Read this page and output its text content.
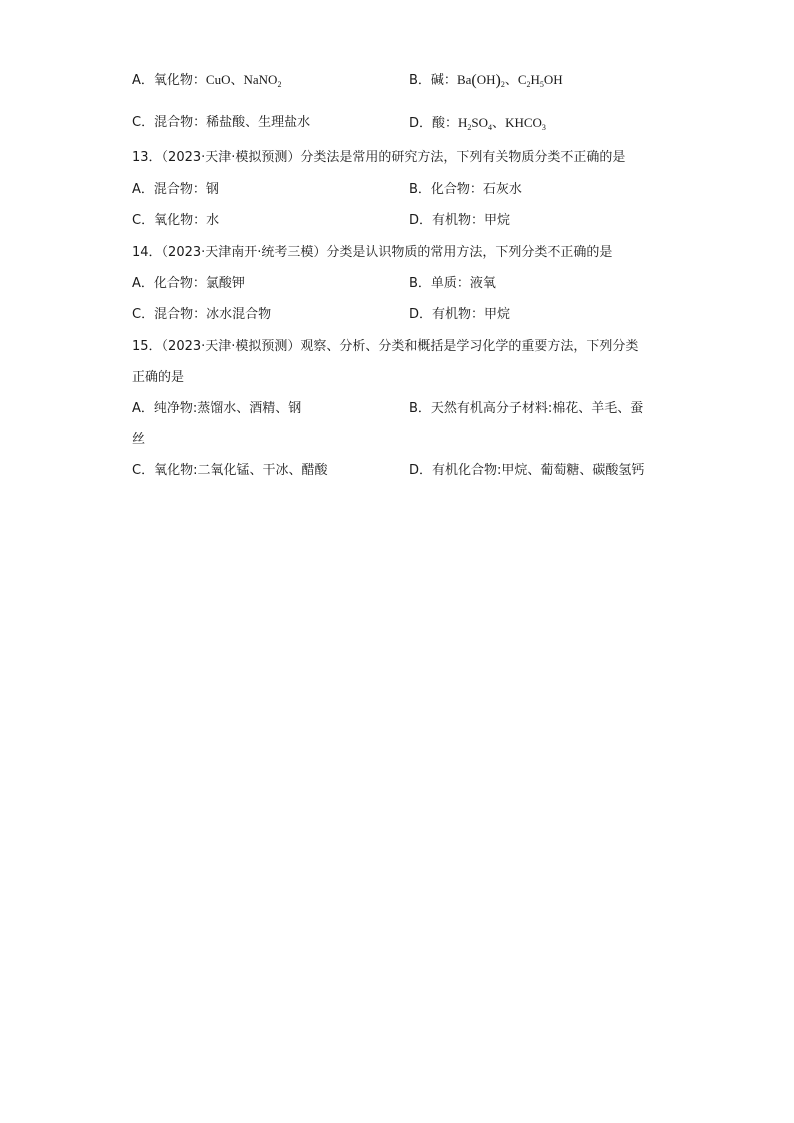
A．氧化物：CuO、NaNO$_2$	B．碱：$Ba(OH)_2$、$C_2H_5OH$
C．混合物：稀盐酸、生理盐水	D．酸：$H_2SO_4$、$KHCO_3$
13．（2023·天津·模拟预测）分类法是常用的研究方法，下列有关物质分类不正确的是
A．混合物：钢	B．化合物：石灰水
C．氧化物：水	D．有机物：甲烷
14．（2023·天津南开·统考三模）分类是认识物质的常用方法，下列分类不正确的是
A．化合物：氯酸钾	B．单质：液氧
C．混合物：冰水混合物	D．有机物：甲烷
15．（2023·天津·模拟预测）观察、分析、分类和概括是学习化学的重要方法，下列分类
正确的是
A．纯净物:蒸馏水、酒精、钢	B．天然有机高分子材料:棉花、羊毛、蚕
丝
C．氧化物:二氧化锰、干冰、醋酸	D．有机化合物:甲烷、葡萄糖、碳酸氢钙
